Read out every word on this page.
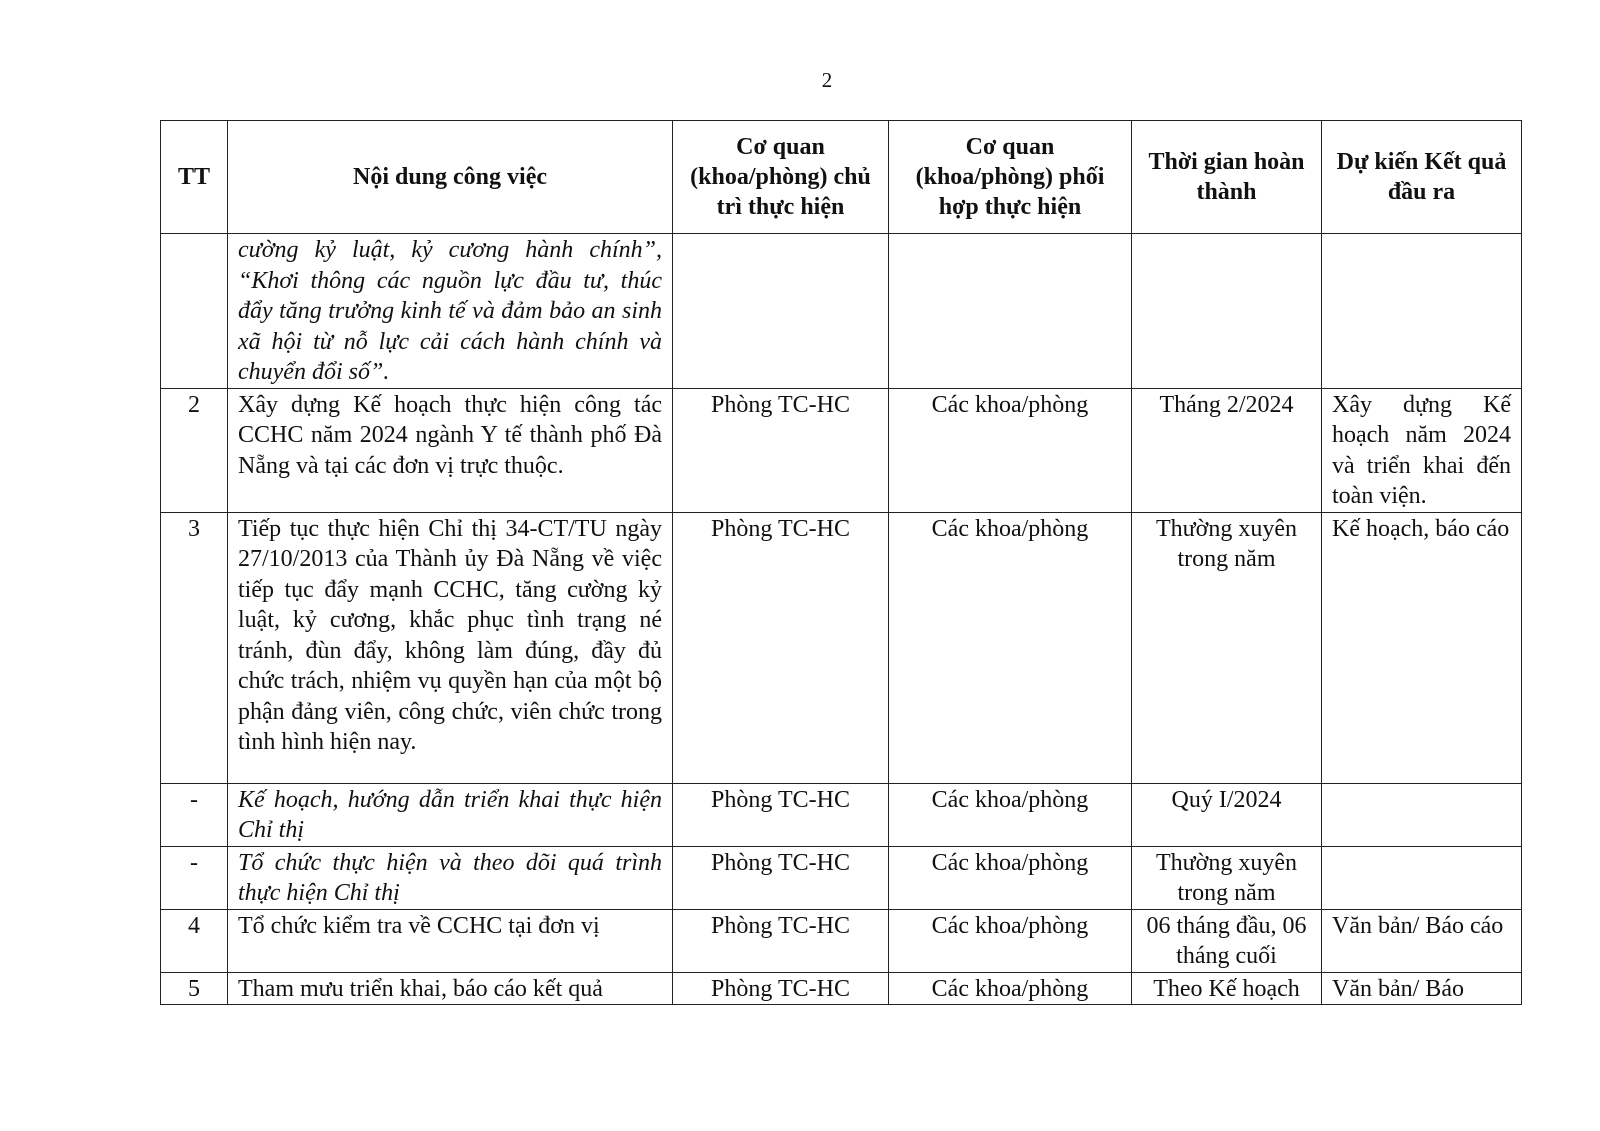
2
TT	Nội dung công việc	Cơ quan (khoa/phòng) chủ trì thực hiện	Cơ quan (khoa/phòng) phối hợp thực hiện	Thời gian hoàn thành	Dự kiến Kết quả đầu ra
	cường kỷ luật, kỷ cương hành chính”, “Khơi thông các nguồn lực đầu tư, thúc đẩy tăng trưởng kinh tế và đảm bảo an sinh xã hội từ nỗ lực cải cách hành chính và chuyển đổi số”.				
2	Xây dựng Kế hoạch thực hiện công tác CCHC năm 2024 ngành Y tế thành phố Đà Nẵng và tại các đơn vị trực thuộc.	Phòng TC-HC	Các khoa/phòng	Tháng 2/2024	Xây dựng Kế hoạch năm 2024 và triển khai đến toàn viện.
3	Tiếp tục thực hiện Chỉ thị 34-CT/TU ngày 27/10/2013 của Thành ủy Đà Nẵng về việc tiếp tục đẩy mạnh CCHC, tăng cường kỷ luật, kỷ cương, khắc phục tình trạng né tránh, đùn đẩy, không làm đúng, đầy đủ chức trách, nhiệm vụ quyền hạn của một bộ phận đảng viên, công chức, viên chức trong tình hình hiện nay.	Phòng TC-HC	Các khoa/phòng	Thường xuyên trong năm	Kế hoạch, báo cáo
-	Kế hoạch, hướng dẫn triển khai thực hiện Chỉ thị	Phòng TC-HC	Các khoa/phòng	Quý I/2024	
-	Tổ chức thực hiện và theo dõi quá trình thực hiện Chỉ thị	Phòng TC-HC	Các khoa/phòng	Thường xuyên trong năm	
4	Tổ chức kiểm tra về CCHC tại đơn vị	Phòng TC-HC	Các khoa/phòng	06 tháng đầu, 06 tháng cuối	Văn bản/ Báo cáo
5	Tham mưu triển khai, báo cáo kết quả	Phòng TC-HC	Các khoa/phòng	Theo Kế hoạch	Văn bản/ Báo
